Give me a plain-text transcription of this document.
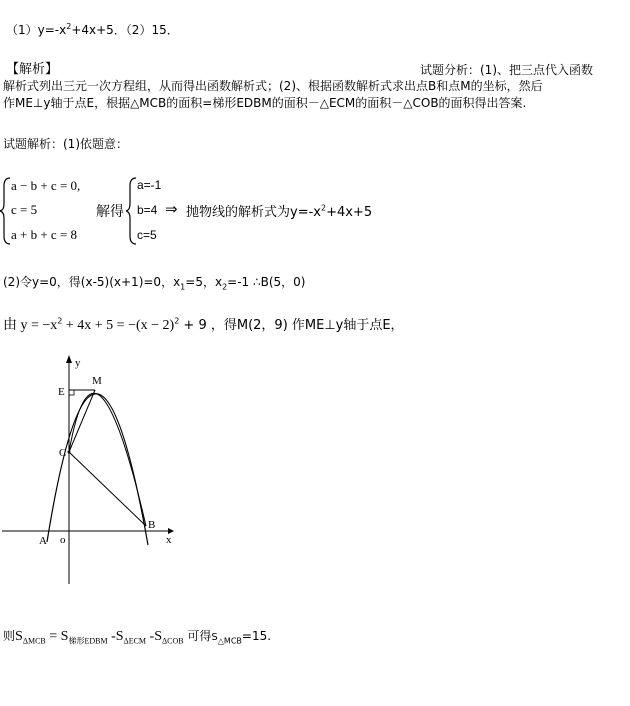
$(1)y=-x^2+4x+5$．（2）15．
【解析】	试题分析：(1)、把三点代入函数
解析式列出三元一次方程组，从而得出函数解析式；(2)、根据函数解析式求出点B和点M的坐标，然后
作ME⊥y轴于点E，根据△MCB的面积=梯形EDBM的面积－△ECM的面积－△COB的面积得出答案.
试题解析：(1)依题意：
a − b + c = 0,
c = 5
a + b + c = 8
解得
a=-1
b=4
c=5
⇒ 抛物线的解析式为$y=-x^2+4x+5$
(2)令y=0，得(x-5)(x+1)=0，$x_1=5$，$x_2=-1$ ∴B(5，0)
由 $y = -x^2 + 4x + 5 = -(x - 2)^2 + 9$ ，得M(2，9) 作ME⊥y轴于点E，
y
x
E
M
C
A o
B
则$S_{\Delta MCB} = S_{梯形EDBM}$ $-S_{\Delta ECM}$ $-S_{\Delta COB}$ 可得$S_{\triangle MCB}=15$.
